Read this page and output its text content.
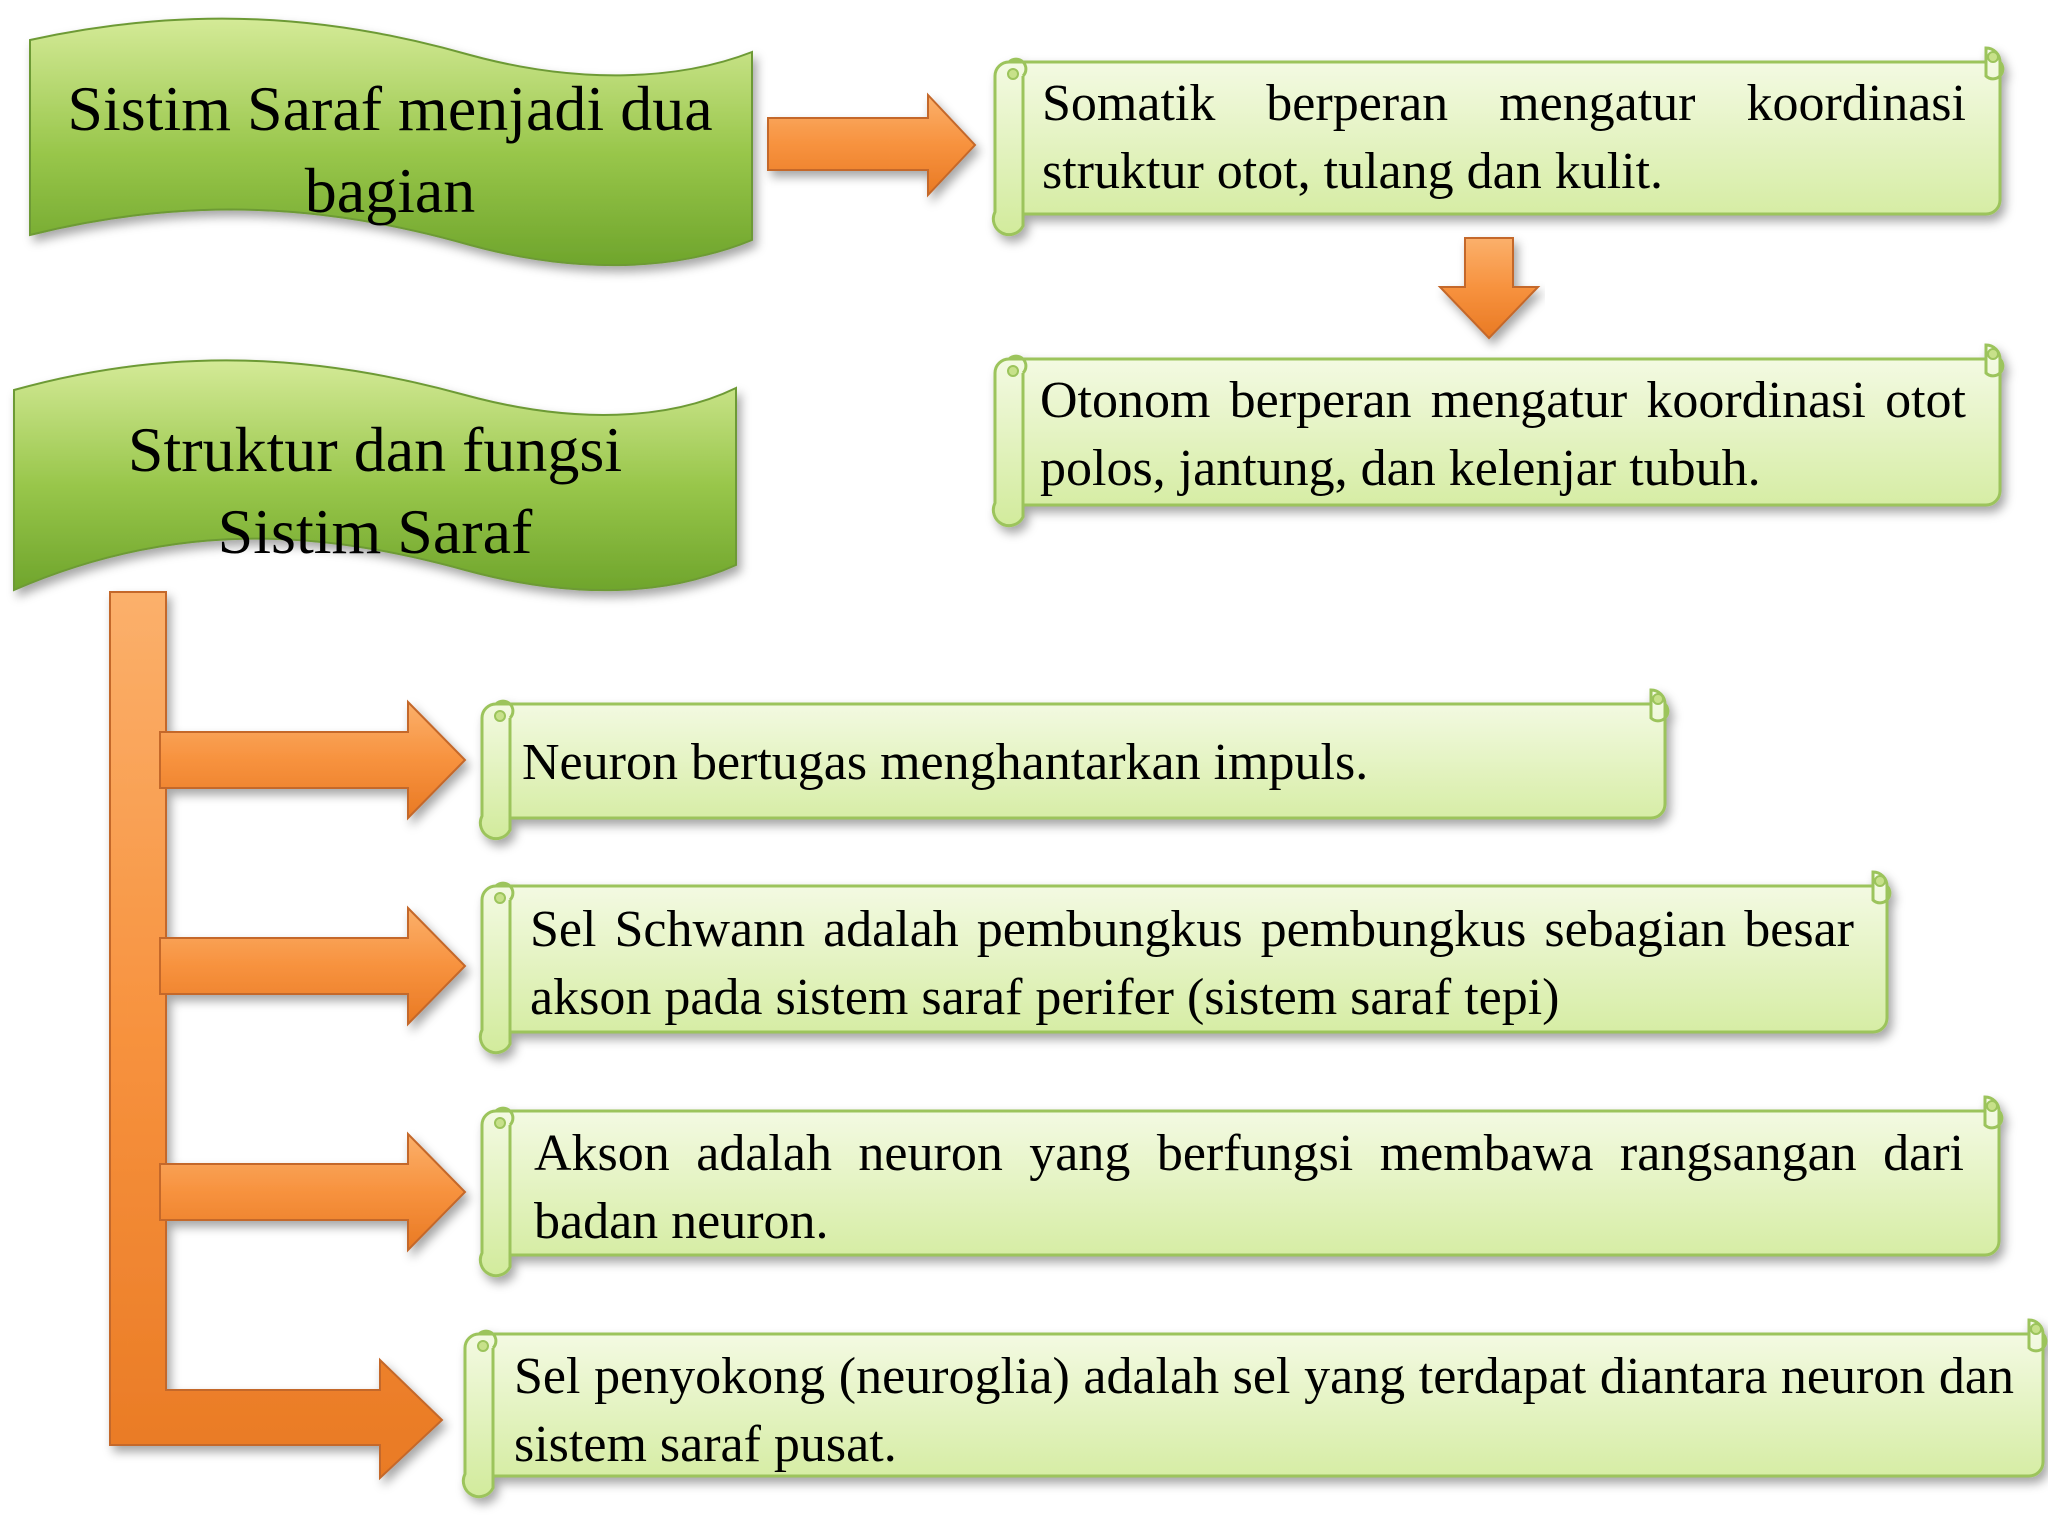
Sistim Saraf menjadi dua bagian
Struktur dan fungsi Sistim Saraf
Somatik berperan mengatur koordinasi struktur otot, tulang dan kulit.
Otonom berperan mengatur koordinasi otot polos, jantung, dan kelenjar tubuh.
Neuron bertugas menghantarkan impuls.
Sel Schwann adalah pembungkus pembungkus sebagian besar akson pada sistem saraf perifer (sistem saraf tepi)
Akson adalah neuron yang berfungsi membawa rangsangan dari badan neuron.
Sel penyokong (neuroglia) adalah sel yang terdapat diantara neuron dan sistem saraf pusat.
